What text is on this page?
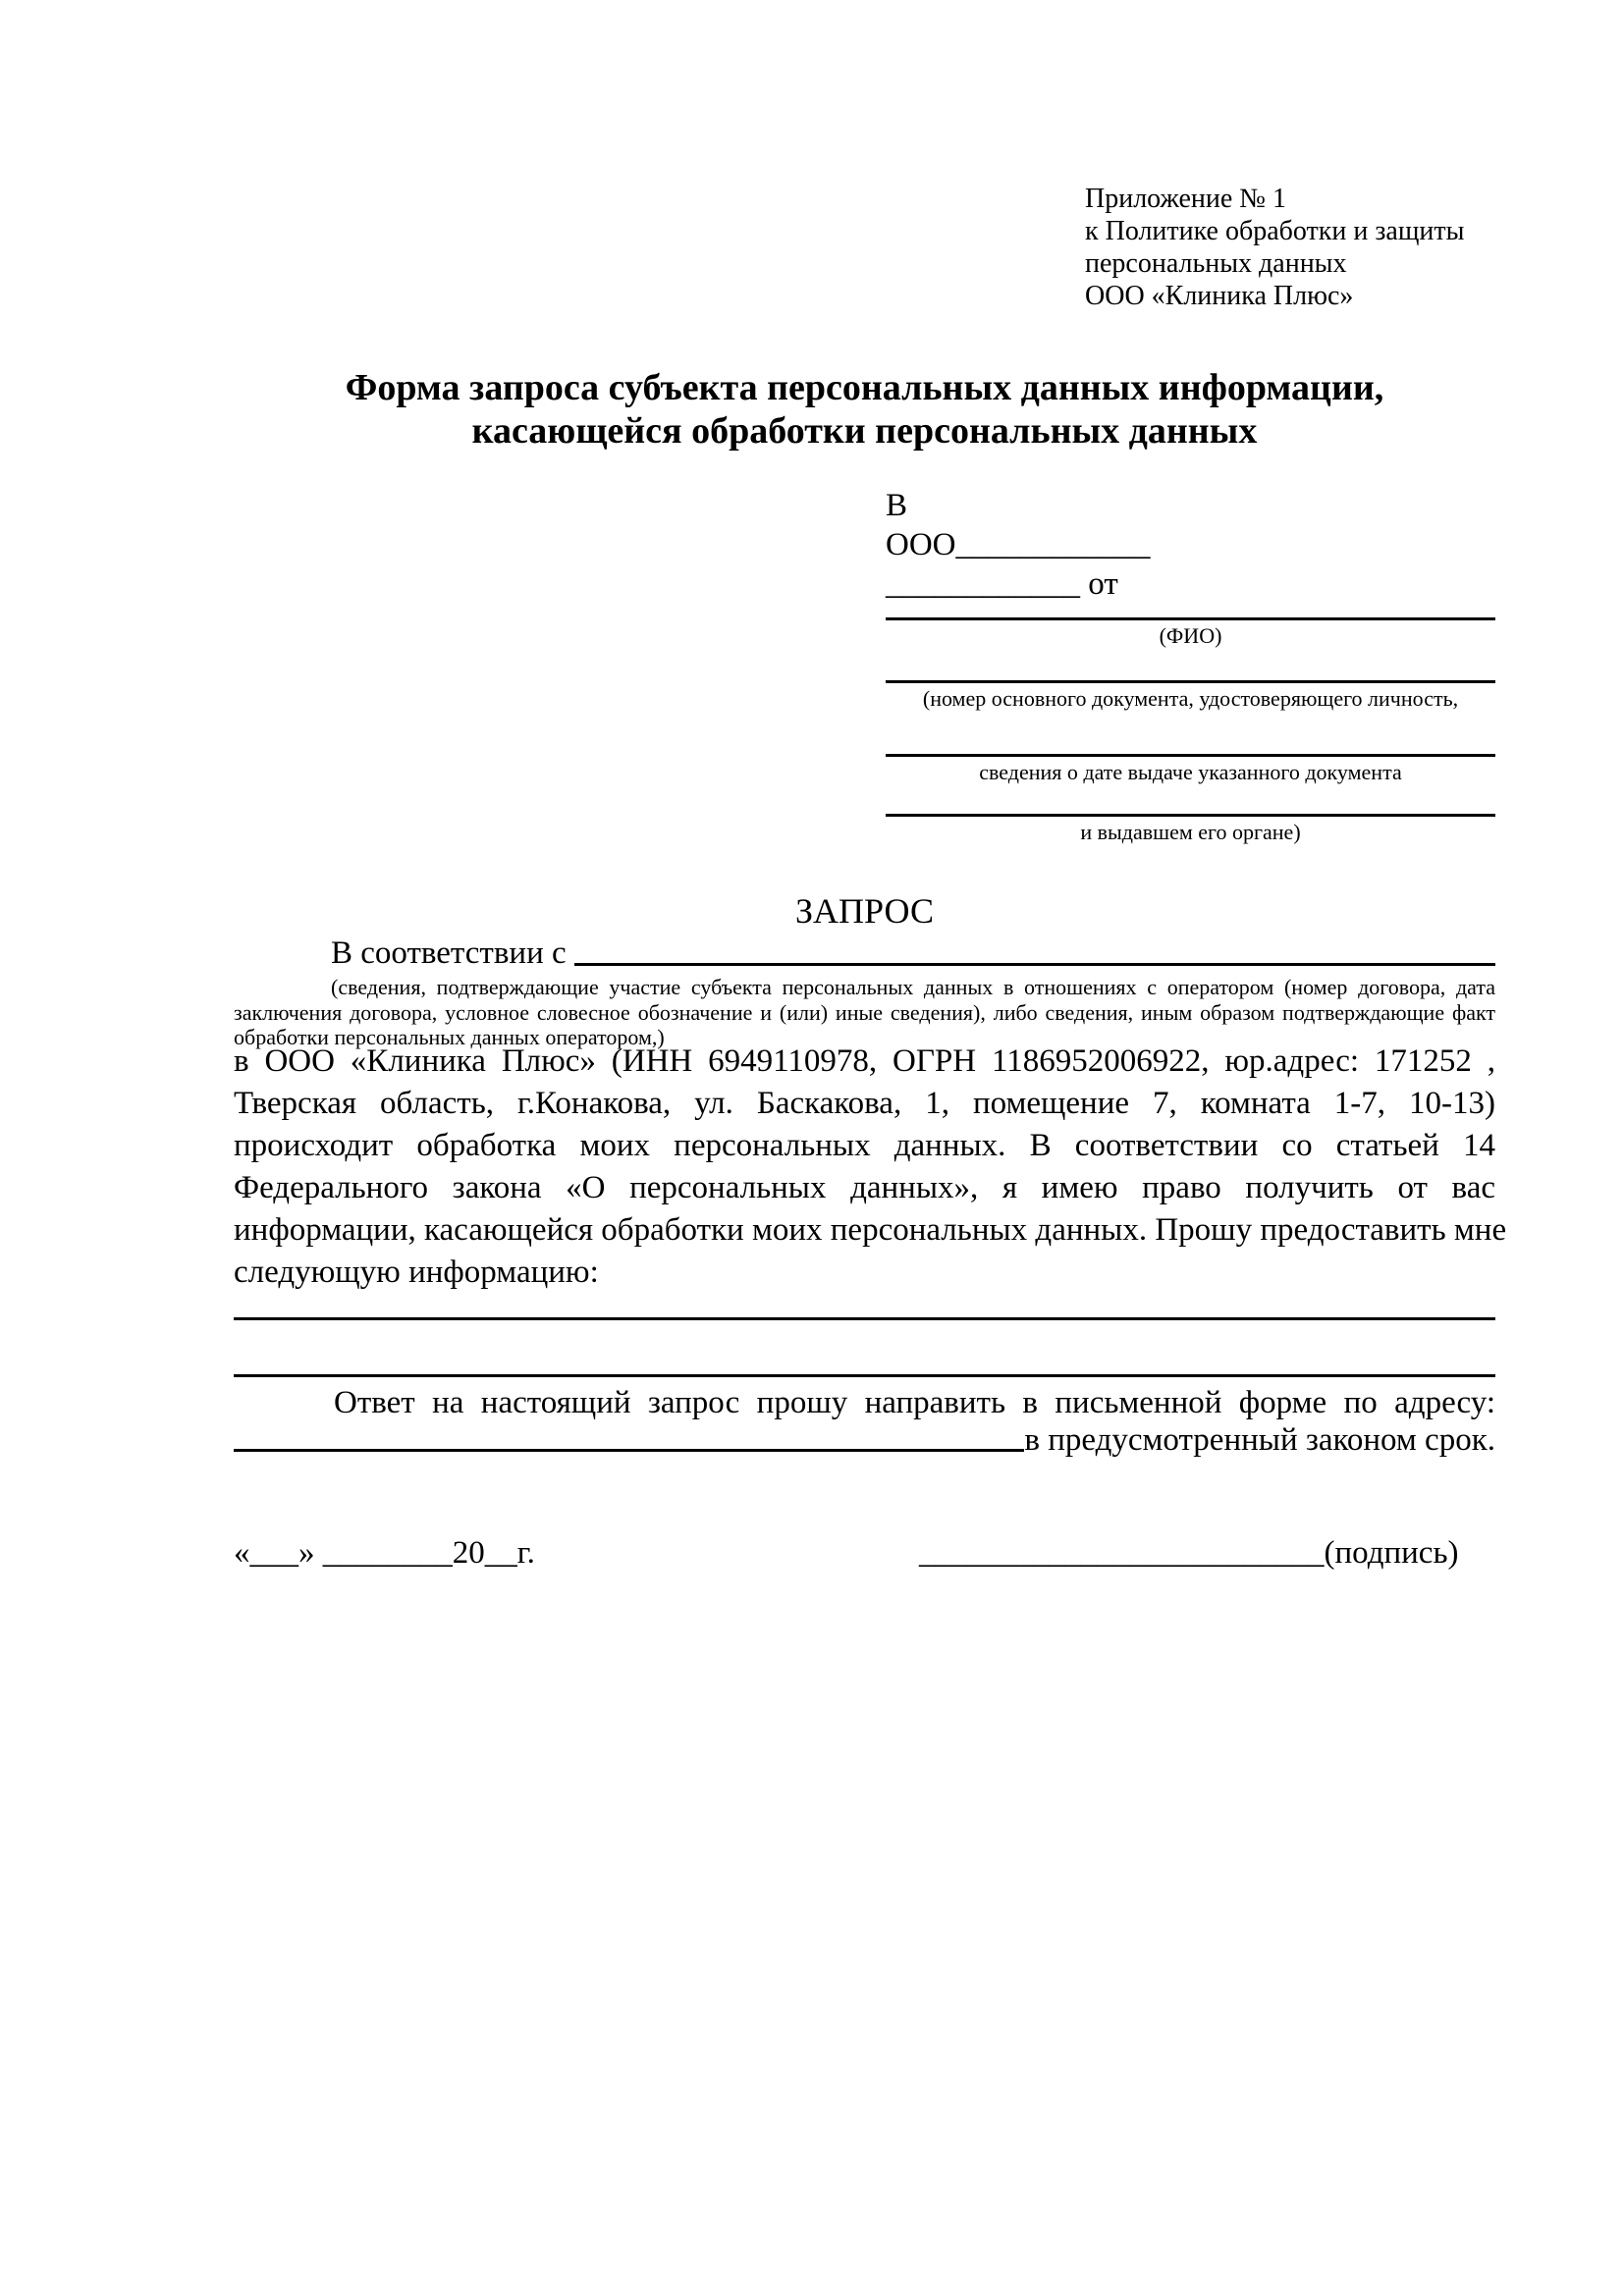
Приложение № 1
к Политике обработки и защиты
персональных данных
ООО «Клиника Плюс»
Форма запроса субъекта персональных данных информации,
касающейся обработки персональных данных
В
ООО____________
____________ от
(ФИО)
(номер основного документа, удостоверяющего личность,
сведения о дате выдаче указанного документа
и выдавшем его органе)
ЗАПРОС
В соответствии с
(сведения, подтверждающие участие субъекта персональных данных в отношениях с оператором (номер договора, дата
заключения договора, условное словесное обозначение и (или) иные сведения), либо сведения, иным образом подтверждающие факт
обработки персональных данных оператором,)
в ООО «Клиника Плюс» (ИНН 6949110978, ОГРН 1186952006922, юр.адрес: 171252 ,
Тверская область, г.Конакова, ул. Баскакова, 1, помещение 7, комната 1-7, 10-13)
происходит обработка моих персональных данных. В соответствии со статьей 14
Федерального закона «О персональных данных», я имею право получить от вас
информации, касающейся обработки моих персональных данных. Прошу предоставить мне
следующую информацию:
Ответ на настоящий запрос прошу направить в письменной форме по адресу:
в предусмотренный законом срок.
«___» ________20__г.	_________________________(подпись)
